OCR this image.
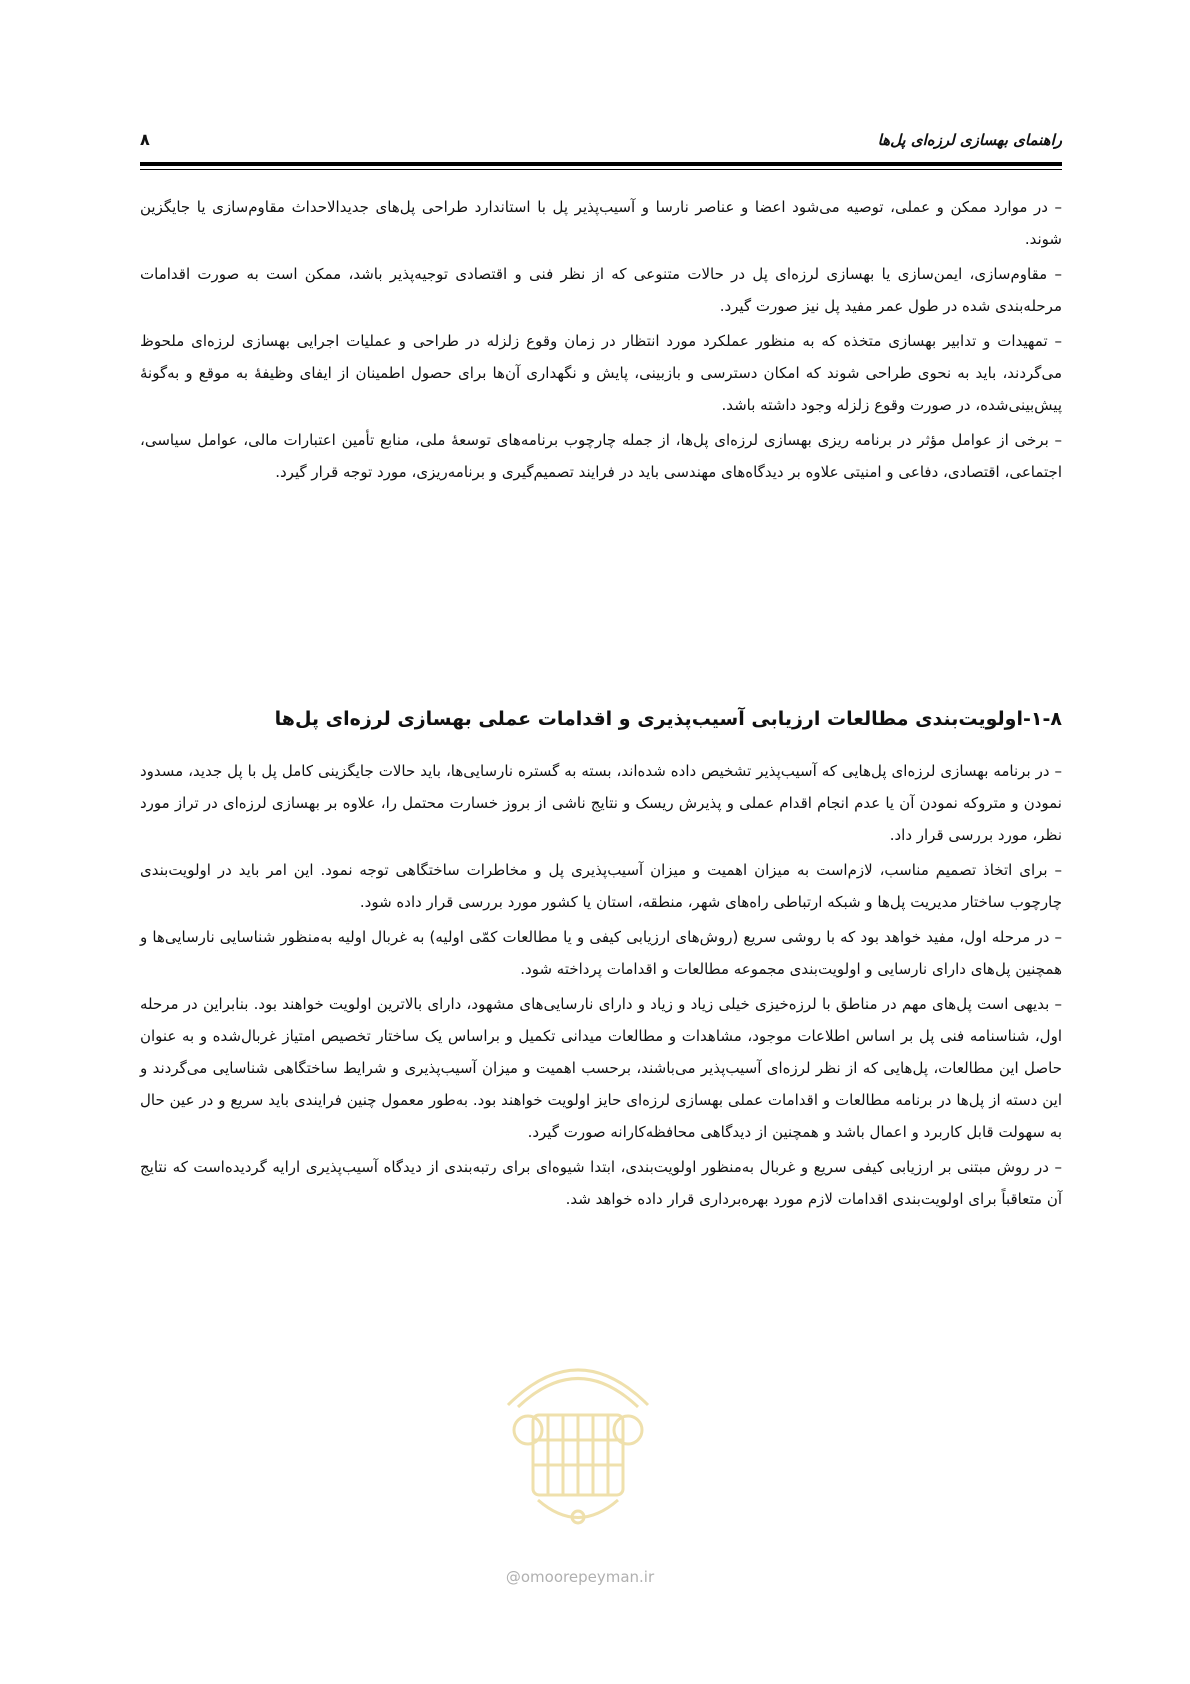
۸	راهنمای بهسازی لرزه‌ای پل‌ها

– در موارد ممکن و عملی، توصیه می‌شود اعضا و عناصر نارسا و آسیب‌پذیر پل با استاندارد طراحی پل‌های جدیدالاحداث مقاوم‌سازی یا جایگزین شوند.

– مقاوم‌سازی، ایمن‌سازی یا بهسازی لرزه‌ای پل در حالات متنوعی که از نظر فنی و اقتصادی توجیه‌پذیر باشد، ممکن است به صورت اقدامات مرحله‌بندی شده در طول عمر مفید پل نیز صورت گیرد.

– تمهیدات و تدابیر بهسازی متخذه که به منظور عملکرد مورد انتظار در زمان وقوع زلزله در طراحی و عملیات اجرایی بهسازی لرزه‌ای ملحوظ می‌گردند، باید به نحوی طراحی شوند که امکان دسترسی و بازبینی، پایش و نگهداری آن‌ها برای حصول اطمینان از ایفای وظیفهٔ به موقع و به‌گونهٔ پیش‌بینی‌شده، در صورت وقوع زلزله وجود داشته باشد.

– برخی از عوامل مؤثر در برنامه ریزی بهسازی لرزه‌ای پل‌ها، از جمله چارچوب برنامه‌های توسعهٔ ملی، منابع تأمین اعتبارات مالی، عوامل سیاسی، اجتماعی، اقتصادی، دفاعی و امنیتی علاوه بر دیدگاه‌های مهندسی باید در فرایند تصمیم‌گیری و برنامه‌ریزی، مورد توجه قرار گیرد.

۱-۸-اولویت‌بندی مطالعات ارزیابی آسیب‌پذیری و اقدامات عملی بهسازی لرزه‌ای پل‌ها

– در برنامه بهسازی لرزه‌ای پل‌هایی که آسیب‌پذیر تشخیص داده شده‌اند، بسته به گستره نارسایی‌ها، باید حالات جایگزینی کامل پل با پل جدید، مسدود نمودن و متروکه نمودن آن یا عدم انجام اقدام عملی و پذیرش ریسک و نتایج ناشی از بروز خسارت محتمل را، علاوه بر بهسازی لرزه‌ای در تراز مورد نظر، مورد بررسی قرار داد.

– برای اتخاذ تصمیم مناسب، لازم‌است به میزان اهمیت و میزان آسیب‌پذیری پل و مخاطرات ساختگاهی توجه نمود. این امر باید در اولویت‌بندی چارچوب ساختار مدیریت پل‌ها و شبکه ارتباطی راه‌های شهر، منطقه، استان یا کشور مورد بررسی قرار داده شود.

– در مرحله اول، مفید خواهد بود که با روشی سریع (روش‌های ارزیابی کیفی و یا مطالعات کمّی اولیه) به غربال اولیه به‌منظور شناسایی نارسایی‌ها و همچنین پل‌های دارای نارسایی و اولویت‌بندی مجموعه مطالعات و اقدامات پرداخته شود.

– بدیهی است پل‌های مهم در مناطق با لرزه‌خیزی خیلی زیاد و زیاد و دارای نارسایی‌های مشهود، دارای بالاترین اولویت خواهند بود. بنابراین در مرحله اول، شناسنامه فنی پل بر اساس اطلاعات موجود، مشاهدات و مطالعات میدانی تکمیل و براساس یک ساختار تخصیص امتیاز غربال‌شده و به عنوان حاصل این مطالعات، پل‌هایی که از نظر لرزه‌ای آسیب‌پذیر می‌باشند، برحسب اهمیت و میزان آسیب‌پذیری و شرایط ساختگاهی شناسایی می‌گردند و این دسته از پل‌ها در برنامه مطالعات و اقدامات عملی بهسازی لرزه‌ای حایز اولویت خواهند بود. به‌طور معمول چنین فرایندی باید سریع و در عین حال به سهولت قابل کاربرد و اعمال باشد و همچنین از دیدگاهی محافظه‌کارانه صورت گیرد.

– در روش مبتنی بر ارزیابی کیفی سریع و غربال به‌منظور اولویت‌بندی، ابتدا شیوه‌ای برای رتبه‌بندی از دیدگاه آسیب‌پذیری ارایه گردیده‌است که نتایج آن متعاقباً برای اولویت‌بندی اقدامات لازم مورد بهره‌برداری قرار داده خواهد شد.

@omoorepeyman.ir
